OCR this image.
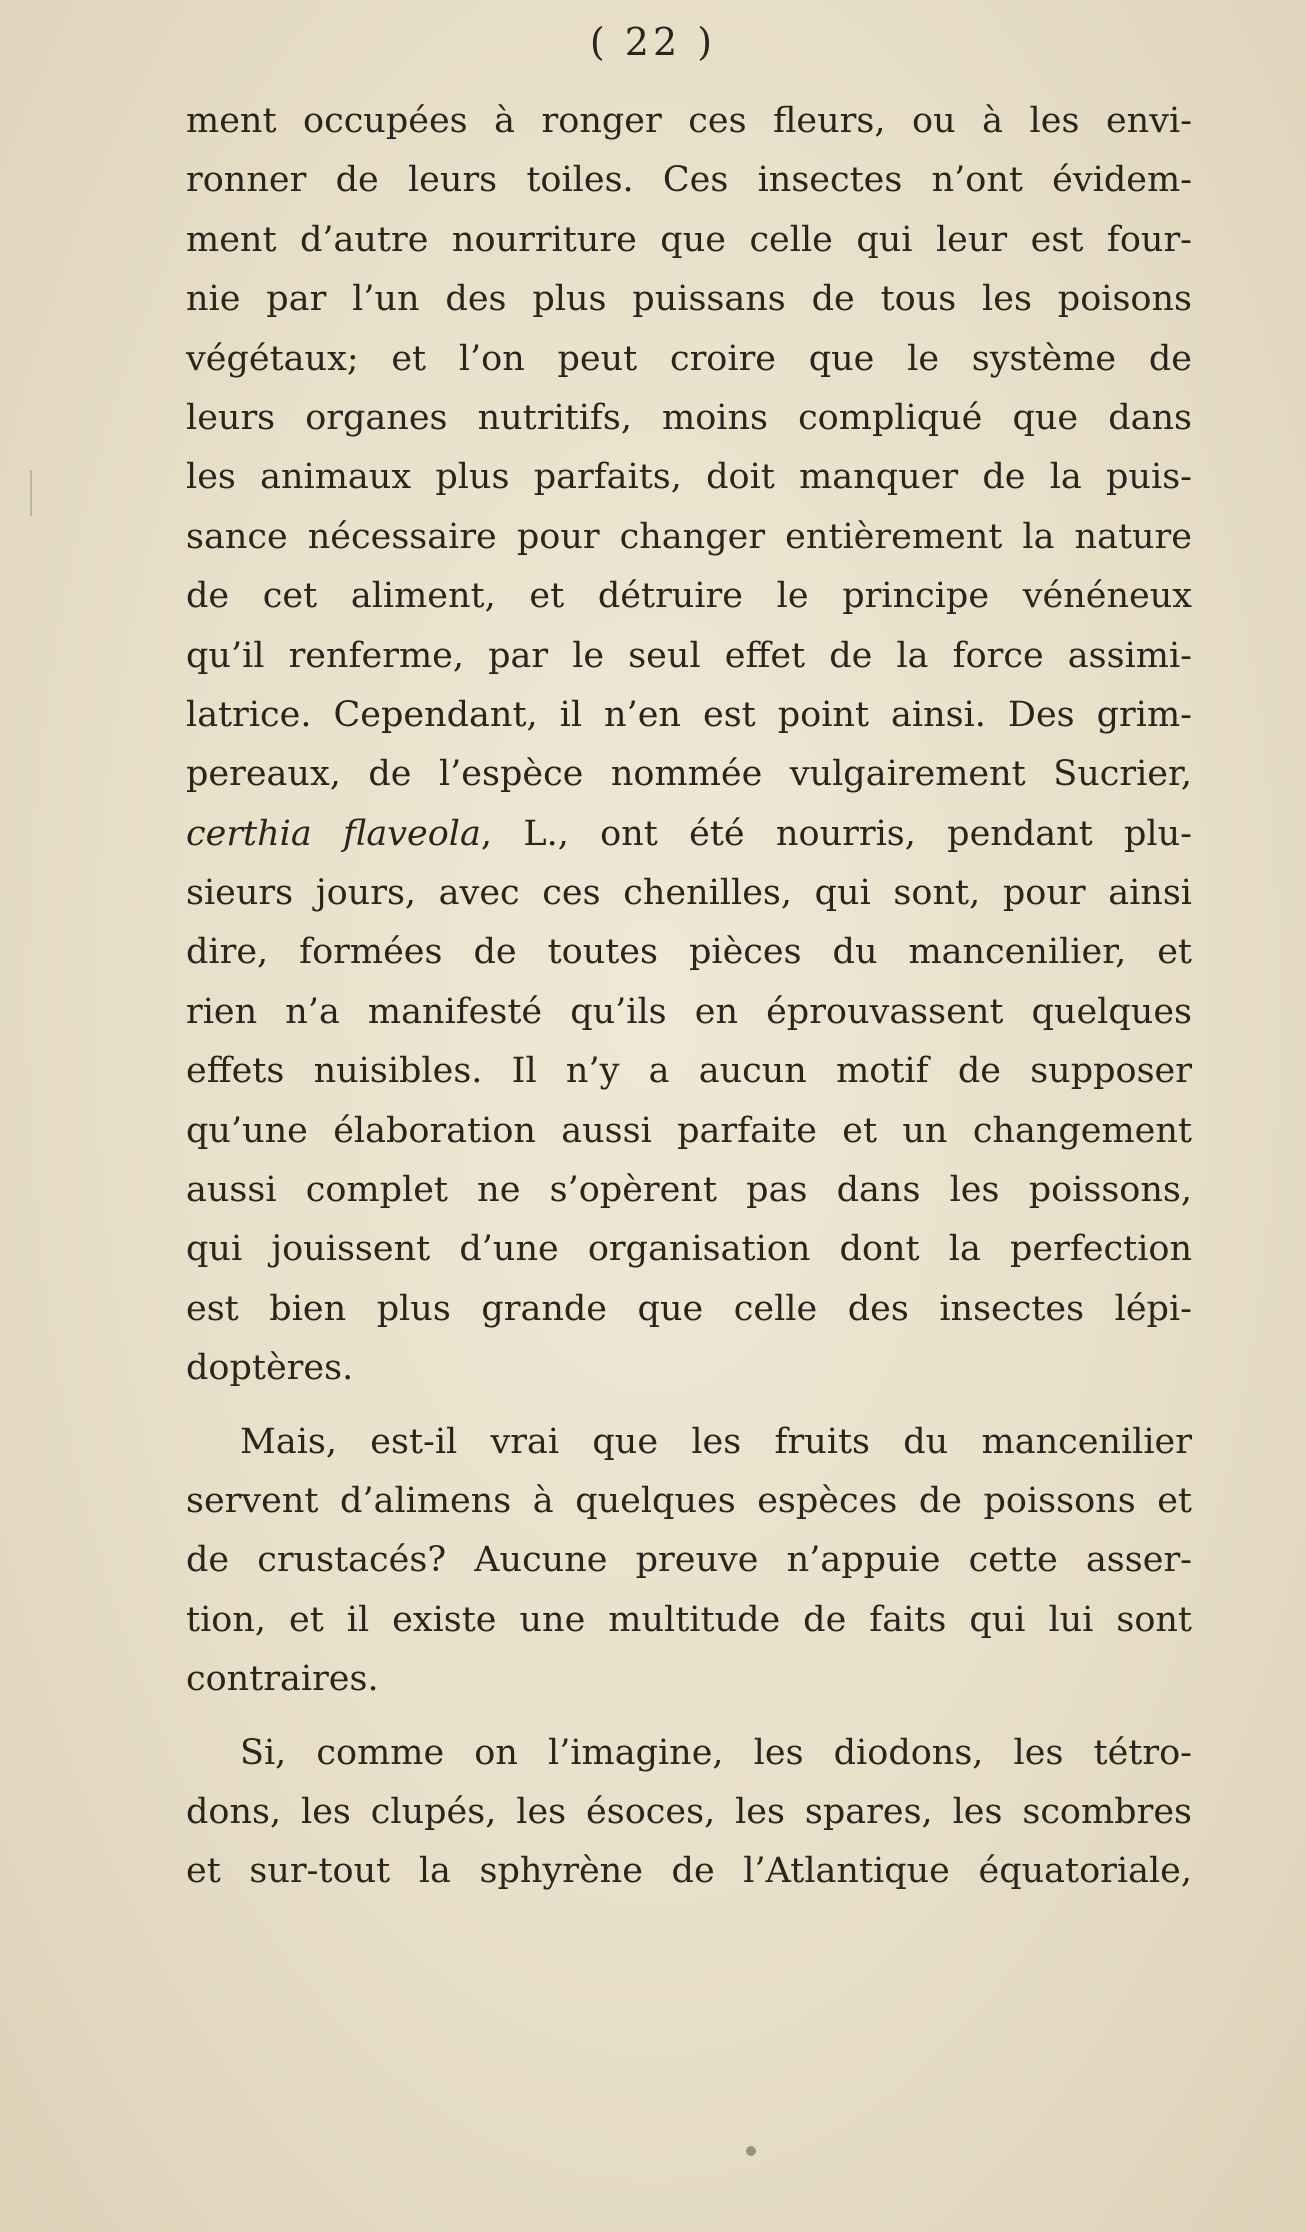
( 22 )
ment occupées à ronger ces fleurs, ou à les envi-
ronner de leurs toiles. Ces insectes n’ont évidem-
ment d’autre nourriture que celle qui leur est four-
nie par l’un des plus puissans de tous les poisons
végétaux; et l’on peut croire que le système de
leurs organes nutritifs, moins compliqué que dans
les animaux plus parfaits, doit manquer de la puis-
sance nécessaire pour changer entièrement la nature
de cet aliment, et détruire le principe vénéneux
qu’il renferme, par le seul effet de la force assimi-
latrice. Cependant, il n’en est point ainsi. Des grim-
pereaux, de l’espèce nommée vulgairement Sucrier,
certhia flaveola, L., ont été nourris, pendant plu-
sieurs jours, avec ces chenilles, qui sont, pour ainsi
dire, formées de toutes pièces du mancenilier, et
rien n’a manifesté qu’ils en éprouvassent quelques
effets nuisibles. Il n’y a aucun motif de supposer
qu’une élaboration aussi parfaite et un changement
aussi complet ne s’opèrent pas dans les poissons,
qui jouissent d’une organisation dont la perfection
est bien plus grande que celle des insectes lépi-
doptères.
Mais, est-il vrai que les fruits du mancenilier
servent d’alimens à quelques espèces de poissons et
de crustacés? Aucune preuve n’appuie cette asser-
tion, et il existe une multitude de faits qui lui sont
contraires.
Si, comme on l’imagine, les diodons, les tétro-
dons, les clupés, les ésoces, les spares, les scombres
et sur-tout la sphyrène de l’Atlantique équatoriale,
